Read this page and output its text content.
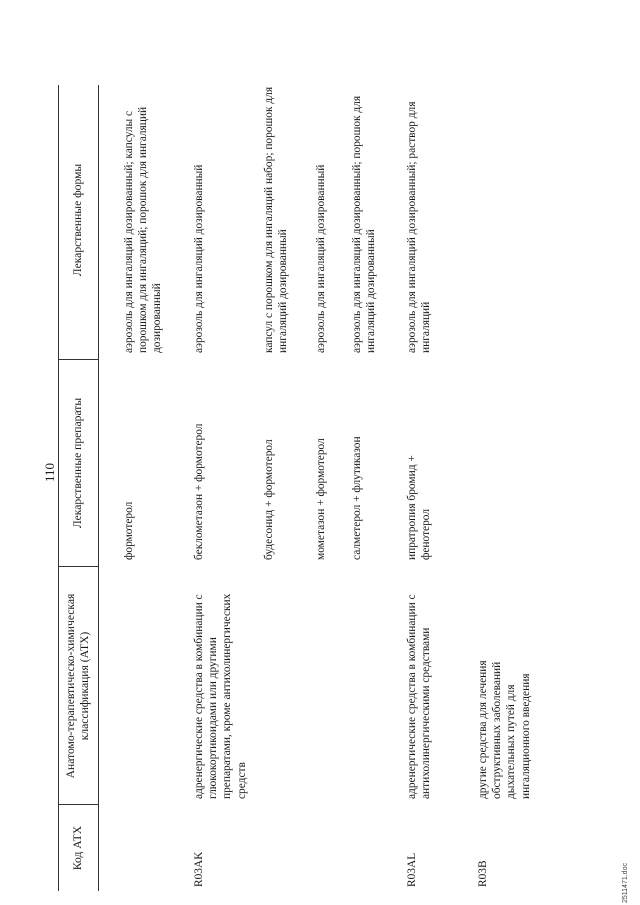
110
Код АТХ
Анатомо-терапевтическо-химическая классификация (АТХ)
Лекарственные препараты
Лекарственные формы
формотерол
аэрозоль для ингаляций дозированный; капсулы с порошком для ингаляций; порошок для ингаляций дозированный
R03AK
адренергические средства в комбинации с глюкокортикоидами или другими препаратами, кроме антихолинергических средств
беклометазон + формотерол
аэрозоль для ингаляций дозированный
будесонид + формотерол
капсул с порошком для ингаляций набор; порошок для ингаляций дозированный
мометазон + формотерол
аэрозоль для ингаляций дозированный
салметерол + флутиказон
аэрозоль для ингаляций дозированный; порошок для ингаляций дозированный
R03AL
адренергические средства в комбинации с антихолинергическими средствами
ипратропия бромид + фенотерол
аэрозоль для ингаляций дозированный; раствор для ингаляций
R03B
другие средства для лечения обструктивных заболеваний дыхательных путей для ингаляционного введения
2511471.doc
